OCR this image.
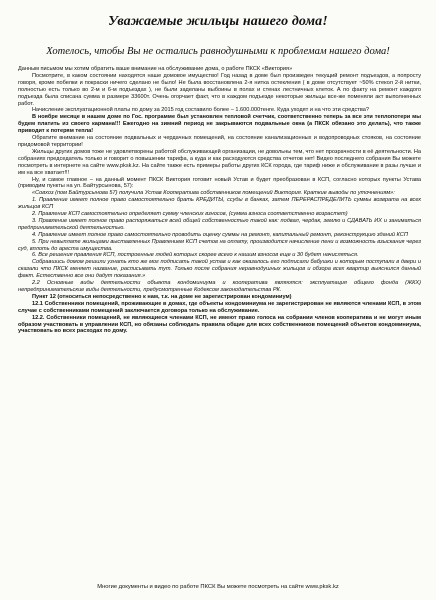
Уважаемые жильцы нашего дома!
Хотелось, чтобы Вы не остались равнодушными к проблемам нашего дома!

Данным письмом мы хотим обратить ваше внимание на обслуживание дома, о работе ПКСК «Виктория»

Посмотрите, в каком состоянии находятся наше домовое имущество! Год назад в доме был произведен текущий ремонт подъездов, а попросту говоря, кроме побелки и покраски ничего сделано не было! Не была восстановлена 2-я нитка остекления ( в доме отсутствует ~50% стекол 2-й нитки, полностью есть только во 2-м и 6-м подъездах ), не были заделаны выбоины в полах и стенах лестничных клеток. А по факту на ремонт каждого подъезда была списана сумма в размере 33600т. Очень огорчает факт, что в каждом подъезде некоторые жильцы все-же поменяли акт выполненных работ.

Начисление эксплуатационной платы по дому за 2015 год составило более – 1.600.000тенге. Куда уходят и на что эти средства?

В ноябре месяце в нашем доме по Гос. программе был установлен тепловой счетчик, соответственно теперь за все эти теплопотери мы будем платить из своего кармана!!! Ежегодно на зимний период не закрываются подвальные окна (а ПКСК обязано это делать), что также приводит к потерям тепла!

Обратите внимание на состояние подвальных и чердачных помещений, на состояние канализационных и водопроводных стояков, на состояние придомовой территории!

Жильцы других домов тоже не удовлетворены работой обслуживающей организации, не довольны тем, что нет прозрачности в её деятельности. На собраниях председатель только и говорит о повышении тарифа, а куда и как расходуются средства отчетов нет! Видео последнего собрания Вы можете посмотреть в интернете на сайте www.pksk.kz. На сайте также есть примеры работы других КСК города, где тариф ниже и обслуживание в разы лучше и им на все хватает!!!

Ну, и самое главное – на данный момент ПКСК Виктория готовит новый Устав и будет преобразован в КСП, согласно которых пункты Устава (приводим пункты на ул. Байтурсынова, 57):

«Совхоз (пом Байтурсынова 57) получила Устав Кооператива собственников помещений Виктория. Краткие выводы по уточнениям»:

1. Правление имеет полное право самостоятельно брать КРЕДИТЫ, ссуды в банках, затем ПЕРЕРАСПРЕДЕЛИТЬ суммы возврата на всех жильцов КСП

2. Правление КСП самостоятельно определяет сумму членских взносов, (сумма взноса соответственно возрастет)

3. Правление имеет полное право распоряжаться всей общей собственностью такой как: подвал, чердак, землю и СДАВАТЬ ИХ и заниматься предпринимательской деятельностью.

4. Правление имеет полное право самостоятельно проводить оценку суммы на ремонт, капитальный ремонт, реконструкцию зданий КСП

5. При невыплате жильцами выставленных Правлением КСП счетов на оплату, производится начисление пени и возможность взыскания через суд, вплоть до ареста имущества.

6. Все решения правления КСП, построенные людей которых скорее всего к нашим взносов еще и 30 будет начисляться.

Собравшись домом решили узнать кто же мог подписать такой устав и как оказалось его подписали бабушки и которым поступали в двери и сказали что ПКСК меняет название, расписывать тут. Только после собрания неравнодушных жильцов и обзора всех квартир выяснился данный факт. Естественно все они дадут показания.»

2.2 Основные виды деятельности объекта кондоминиума и кооператива являются: эксплуатация общего фонда (ЖКХ) непредпринимательские виды деятельности, предусмотренные Кодексом законодательства РК.

Пункт 12 (относиться непосредственно к нам, т.к. на доме не зарегистрирован кондоминиум)

12.1 Собственники помещений, проживающие в домах, где объекты кондоминиума не зарегистрирован не являются членами КСП, в этом случае с собственниками помещений заключается договора только на обслуживание.

12.2. Собственники помещений, не являющиеся членами КСП, не имеют право голоса на собрании членов кооператива и не могут иным образом участвовать в управлении КСП, но обязаны соблюдать правила общие для всех собственников помещений объектов кондоминиума, участвовать во всех расходах по дому.

Многие документы и видео по работе ПКСК Вы можете посмотреть на сайте www.pksk.kz
